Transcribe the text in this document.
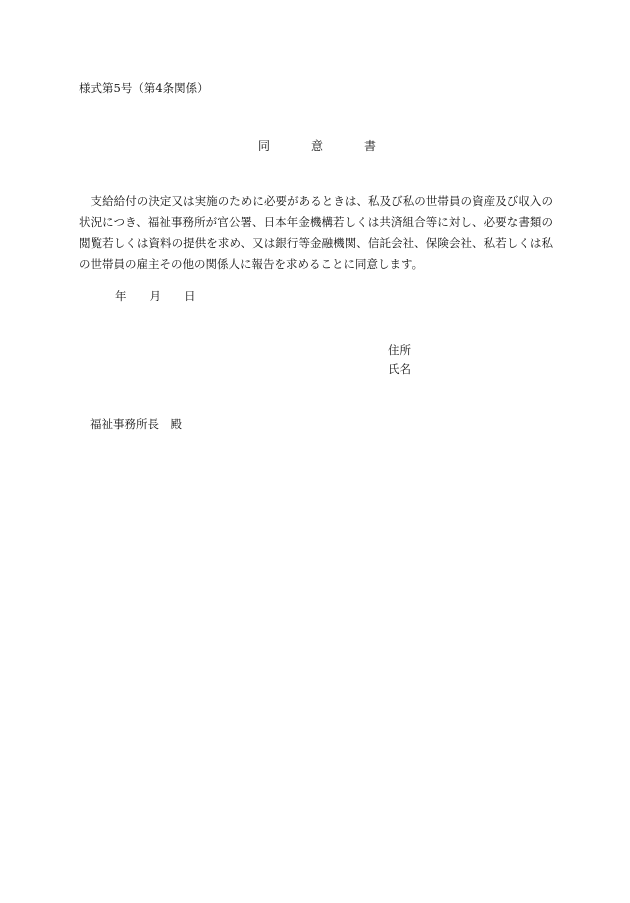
様式第5号（第4条関係）
同	意	書
支給給付の決定又は実施のために必要があるときは、私及び私の世帯員の資産及び収入の状況につき、福祉事務所が官公署、日本年金機構若しくは共済組合等に対し、必要な書類の閲覧若しくは資料の提供を求め、又は銀行等金融機関、信託会社、保険会社、私若しくは私の世帯員の雇主その他の関係人に報告を求めることに同意します。
年 月 日
住所
氏名
福祉事務所長　殿
